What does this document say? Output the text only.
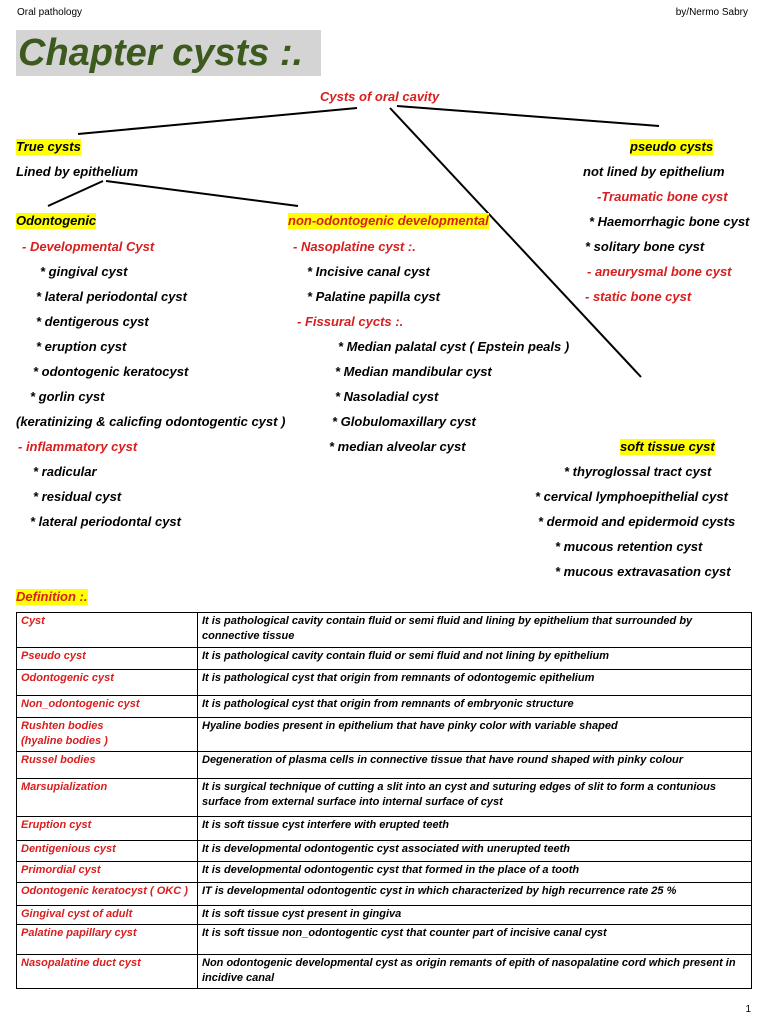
Oral pathology	by/Nermo Sabry
Chapter cysts :.
Cysts of oral cavity
True cysts
Lined by epithelium
pseudo cysts
not lined by epithelium
-Traumatic bone cyst
* Haemorrhagic bone cyst
* solitary bone cyst
- aneurysmal bone cyst
- static bone cyst
Odontogenic
- Developmental Cyst
* gingival cyst
* lateral periodontal cyst
* dentigerous cyst
* eruption cyst
* odontogenic keratocyst
* gorlin cyst
(keratinizing & calicfing odontogentic cyst )
- inflammatory cyst
* radicular
* residual cyst
* lateral periodontal cyst
non-odontogenic developmental
- Nasoplatine cyst :.
* Incisive canal cyst
* Palatine papilla cyst
- Fissural cycts :.
* Median palatal cyst ( Epstein peals )
* Median mandibular cyst
* Nasoladial cyst
* Globulomaxillary cyst
* median alveolar cyst	soft tissue cyst
* thyroglossal tract cyst
* cervical lymphoepithelial cyst
* dermoid and epidermoid cysts
* mucous retention cyst
* mucous extravasation cyst
Definition :.
Cyst	It is pathological cavity contain fluid or semi fluid and lining by epithelium that surrounded by connective tissue
Pseudo cyst	It is pathological cavity contain fluid or semi fluid and not lining by epithelium
Odontogenic cyst	It is pathological cyst that origin from remnants of odontogemic epithelium
Non_odontogenic cyst	It is pathological cyst that origin from remnants of embryonic structure
Rushten bodies
(hyaline bodies )	Hyaline bodies present in epithelium that have pinky color with variable shaped
Russel bodies	Degeneration of plasma cells in connective tissue that have round shaped with pinky colour
Marsupialization	It is surgical technique of cutting a slit into an cyst and suturing edges of slit to form a contunious surface from external surface into internal surface of cyst
Eruption cyst	It is soft tissue cyst interfere with erupted teeth
Dentigenious cyst	It is developmental odontogentic cyst associated with unerupted teeth
Primordial cyst	It is developmental odontogentic cyst that formed in the place of a tooth
Odontogenic keratocyst ( OKC )	IT is developmental odontogentic cyst in which characterized by high recurrence rate 25 %
Gingival cyst of adult	It is soft tissue cyst present in gingiva
Palatine papillary cyst	It is soft tissue non_odontogentic cyst that counter part of incisive canal cyst
Nasopalatine duct cyst	Non odontogenic developmental cyst as origin remants of epith of nasopalatine cord which present in incidive canal
1
